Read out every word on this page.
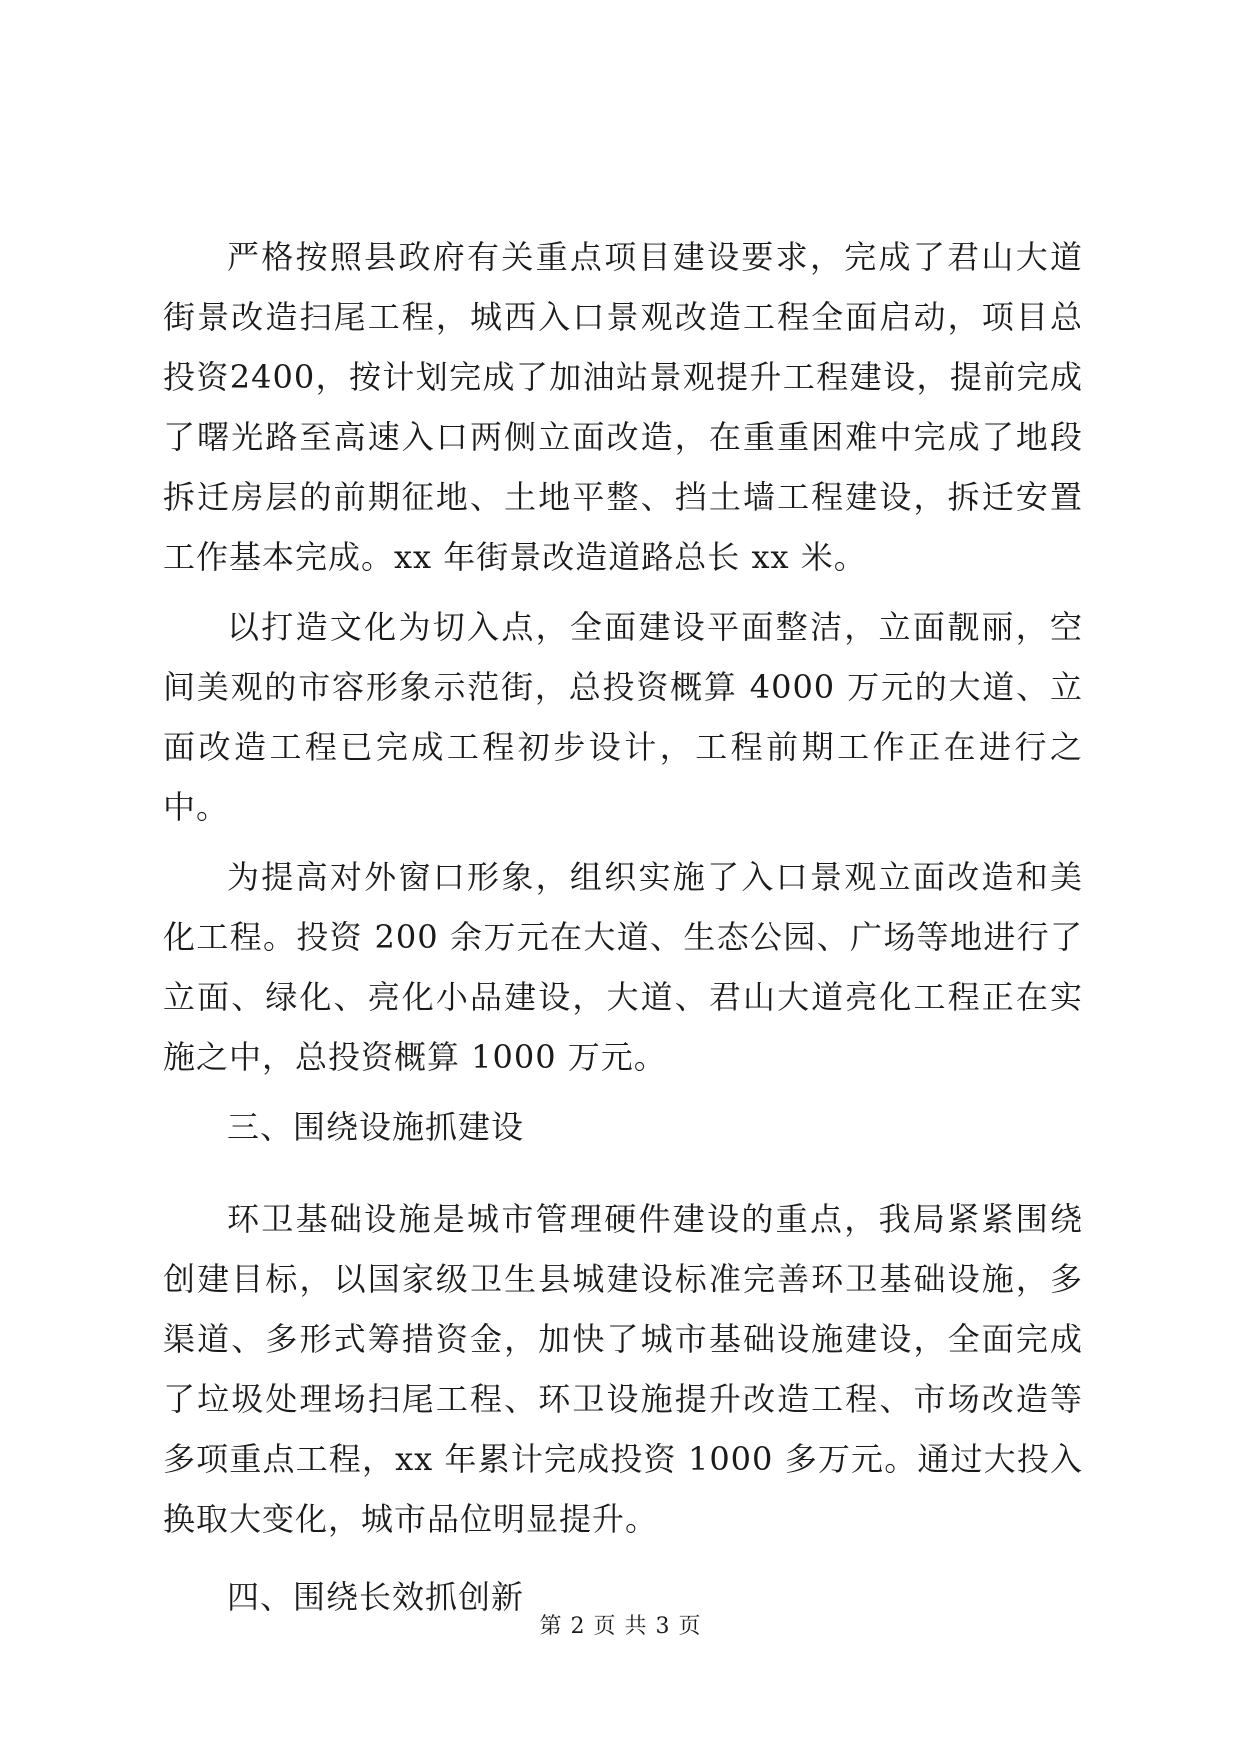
严格按照县政府有关重点项目建设要求，完成了君山大道街景改造扫尾工程，城西入口景观改造工程全面启动，项目总投资2400，按计划完成了加油站景观提升工程建设，提前完成了曙光路至高速入口两侧立面改造，在重重困难中完成了地段拆迁房层的前期征地、土地平整、挡土墙工程建设，拆迁安置工作基本完成。xx 年街景改造道路总长 xx 米。

以打造文化为切入点，全面建设平面整洁，立面靓丽，空间美观的市容形象示范街，总投资概算 4000 万元的大道、立面改造工程已完成工程初步设计，工程前期工作正在进行之中。

为提高对外窗口形象，组织实施了入口景观立面改造和美化工程。投资 200 余万元在大道、生态公园、广场等地进行了立面、绿化、亮化小品建设，大道、君山大道亮化工程正在实施之中，总投资概算 1000 万元。

三、围绕设施抓建设

环卫基础设施是城市管理硬件建设的重点，我局紧紧围绕创建目标，以国家级卫生县城建设标准完善环卫基础设施，多渠道、多形式筹措资金，加快了城市基础设施建设，全面完成了垃圾处理场扫尾工程、环卫设施提升改造工程、市场改造等多项重点工程，xx 年累计完成投资 1000 多万元。通过大投入换取大变化，城市品位明显提升。

四、围绕长效抓创新

第 2 页 共 3 页
